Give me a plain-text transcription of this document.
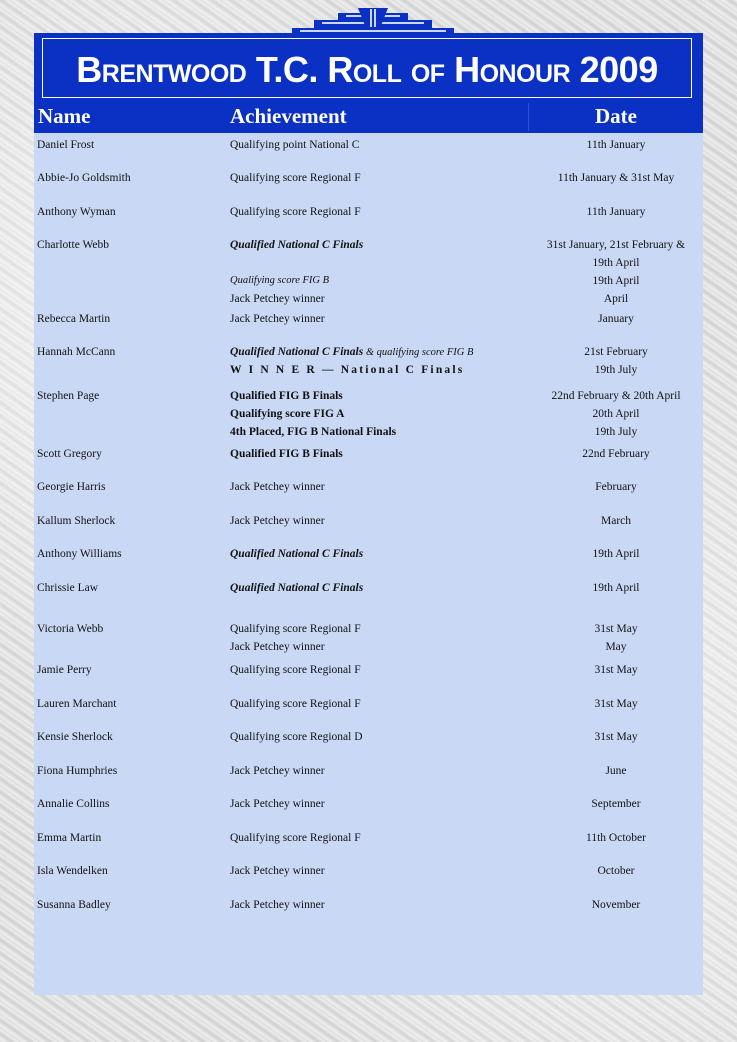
Brentwood T.C. Roll of Honour 2009
Name	Achievement	Date
Daniel Frost	Qualifying point National C	11th January
Abbie-Jo Goldsmith	Qualifying score Regional F	11th January & 31st May
Anthony Wyman	Qualifying score Regional F	11th January
Charlotte Webb	Qualified National C Finals	31st January, 21st February &
19th April
Qualifying score FIG B	19th April
Jack Petchey winner	April
Rebecca Martin	Jack Petchey winner	January
Hannah McCann	Qualified National C Finals & qualifying score FIG B	21st February
W I N N E R — National C Finals	19th July
Stephen Page	Qualified FIG B Finals	22nd February & 20th April
Qualifying score FIG A	20th April
4th Placed, FIG B National Finals	19th July
Scott Gregory	Qualified FIG B Finals	22nd February
Georgie Harris	Jack Petchey winner	February
Kallum Sherlock	Jack Petchey winner	March
Anthony Williams	Qualified National C Finals	19th April
Chrissie Law	Qualified National C Finals	19th April
Victoria Webb	Qualifying score Regional F	31st May
Jack Petchey winner	May
Jamie Perry	Qualifying score Regional F	31st May
Lauren Marchant	Qualifying score Regional F	31st May
Kensie Sherlock	Qualifying score Regional D	31st May
Fiona Humphries	Jack Petchey winner	June
Annalie Collins	Jack Petchey winner	September
Emma Martin	Qualifying score Regional F	11th October
Isla Wendelken	Jack Petchey winner	October
Susanna Badley	Jack Petchey winner	November
